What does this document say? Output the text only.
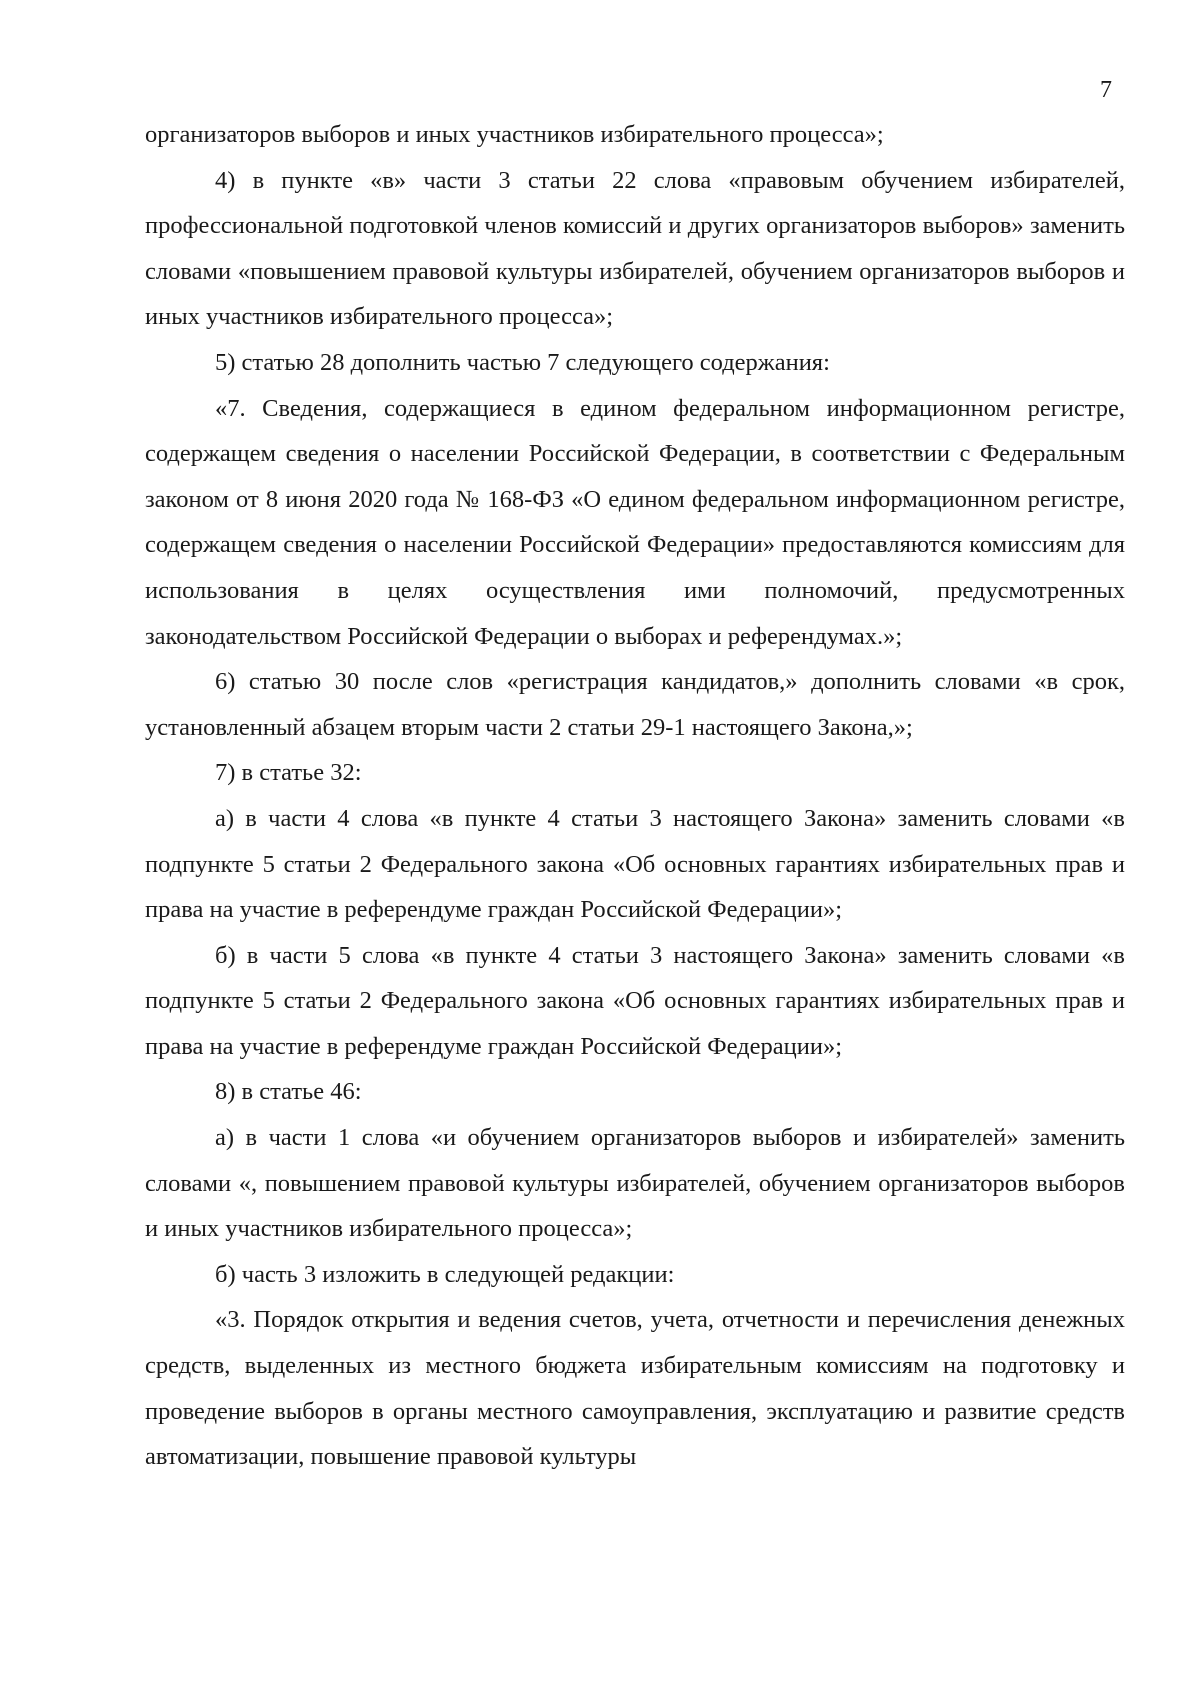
7

организаторов выборов и иных участников избирательного процесса»;

4) в пункте «в» части 3 статьи 22 слова «правовым обучением избирателей, профессиональной подготовкой членов комиссий и других организаторов выборов» заменить словами «повышением правовой культуры избирателей, обучением организаторов выборов и иных участников избирательного процесса»;

5) статью 28 дополнить частью 7 следующего содержания:

«7. Сведения, содержащиеся в едином федеральном информационном регистре, содержащем сведения о населении Российской Федерации, в соответствии с Федеральным законом от 8 июня 2020 года № 168-ФЗ «О едином федеральном информационном регистре, содержащем сведения о населении Российской Федерации» предоставляются комиссиям для использования в целях осуществления ими полномочий, предусмотренных законодательством Российской Федерации о выборах и референдумах.»;

6) статью 30 после слов «регистрация кандидатов,» дополнить словами «в срок, установленный абзацем вторым части 2 статьи 29-1 настоящего Закона,»;

7) в статье 32:

а) в части 4 слова «в пункте 4 статьи 3 настоящего Закона» заменить словами «в подпункте 5 статьи 2 Федерального закона «Об основных гарантиях избирательных прав и права на участие в референдуме граждан Российской Федерации»;

б) в части 5 слова «в пункте 4 статьи 3 настоящего Закона» заменить словами «в подпункте 5 статьи 2 Федерального закона «Об основных гарантиях избирательных прав и права на участие в референдуме граждан Российской Федерации»;

8) в статье 46:

а) в части 1 слова «и обучением организаторов выборов и избирателей» заменить словами «, повышением правовой культуры избирателей, обучением организаторов выборов и иных участников избирательного процесса»;

б) часть 3 изложить в следующей редакции:

«3. Порядок открытия и ведения счетов, учета, отчетности и перечисления денежных средств, выделенных из местного бюджета избирательным комиссиям на подготовку и проведение выборов в органы местного самоуправления, эксплуатацию и развитие средств автоматизации, повышение правовой культуры
